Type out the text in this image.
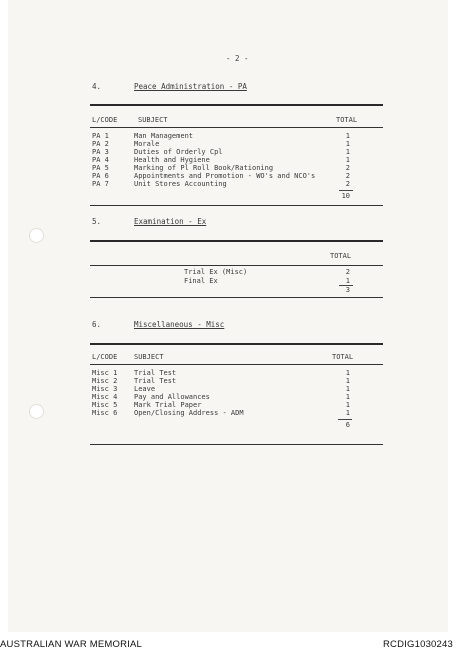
- 2 -
4.	Peace Administration - PA
L/CODE	SUBJECT	TOTAL
PA 1	Man Management	1
PA 2	Morale	1
PA 3	Duties of Orderly Cpl	1
PA 4	Health and Hygiene	1
PA 5	Marking of Pl Roll Book/Rationing	2
PA 6	Appointments and Promotion - WO's and NCO's	2
PA 7	Unit Stores Accounting	2
10
5.	Examination - Ex
TOTAL
Trial Ex (Misc)	2
Final Ex	1
3
6.	Miscellaneous - Misc
L/CODE SUBJECT	TOTAL
Misc 1 Trial Test	1
Misc 2 Trial Test	1
Misc 3 Leave	1
Misc 4 Pay and Allowances	1
Misc 5 Mark Trial Paper	1
Misc 6 Open/Closing Address - ADM	1
6
AUSTRALIAN WAR MEMORIAL	RCDIG1030243
